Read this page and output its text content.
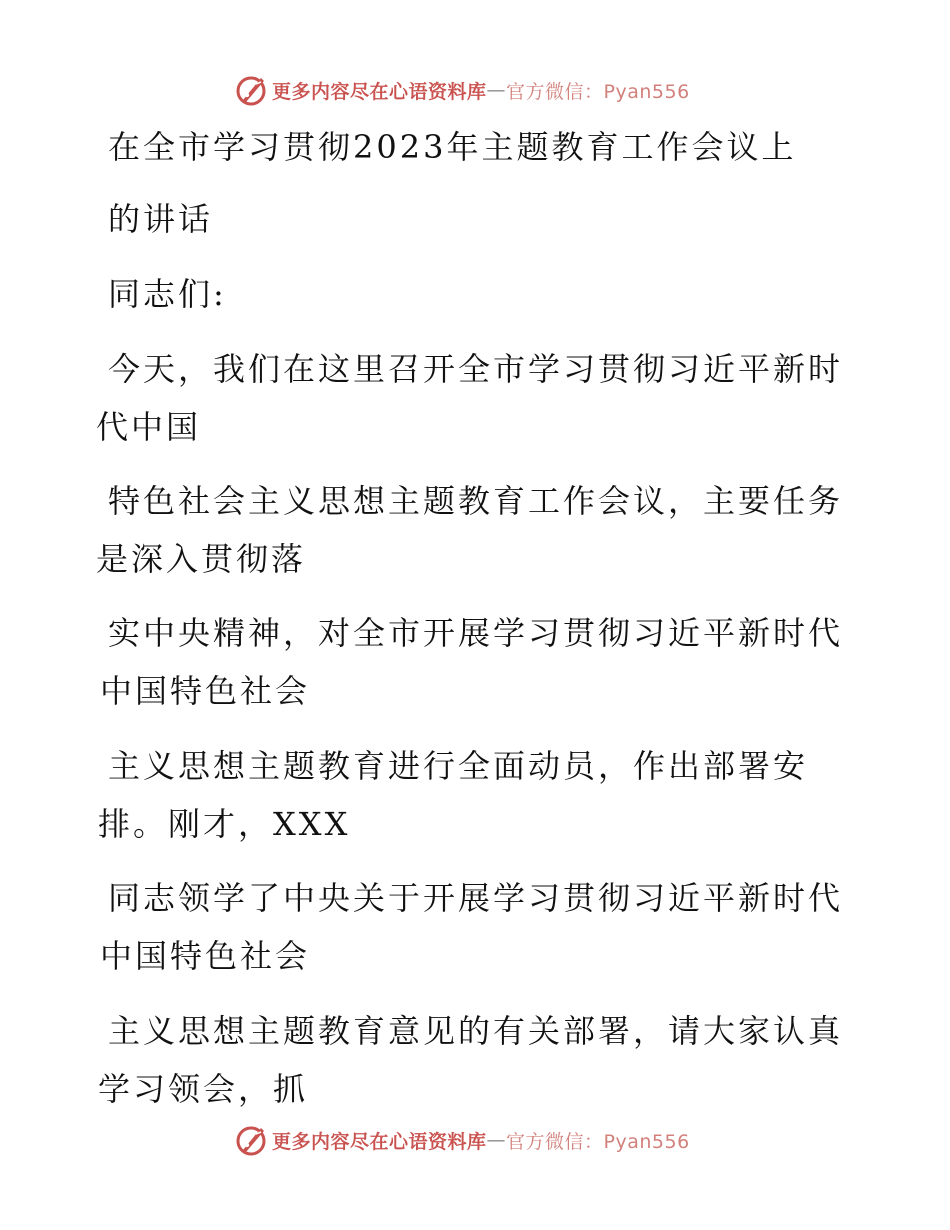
更多内容尽在心语资料库 — 官方微信：Pyan556

在全市学习贯彻2023年主题教育工作会议上

的讲话

同志们:

今天，我们在这里召开全市学习贯彻习近平新时

代中国

特色社会主义思想主题教育工作会议，主要任务

是深入贯彻落

实中央精神，对全市开展学习贯彻习近平新时代

中国特色社会

主义思想主题教育进行全面动员，作出部署安

排。刚才，XXX

同志领学了中央关于开展学习贯彻习近平新时代

中国特色社会

主义思想主题教育意见的有关部署，请大家认真

学习领会，抓

更多内容尽在心语资料库 — 官方微信：Pyan556
